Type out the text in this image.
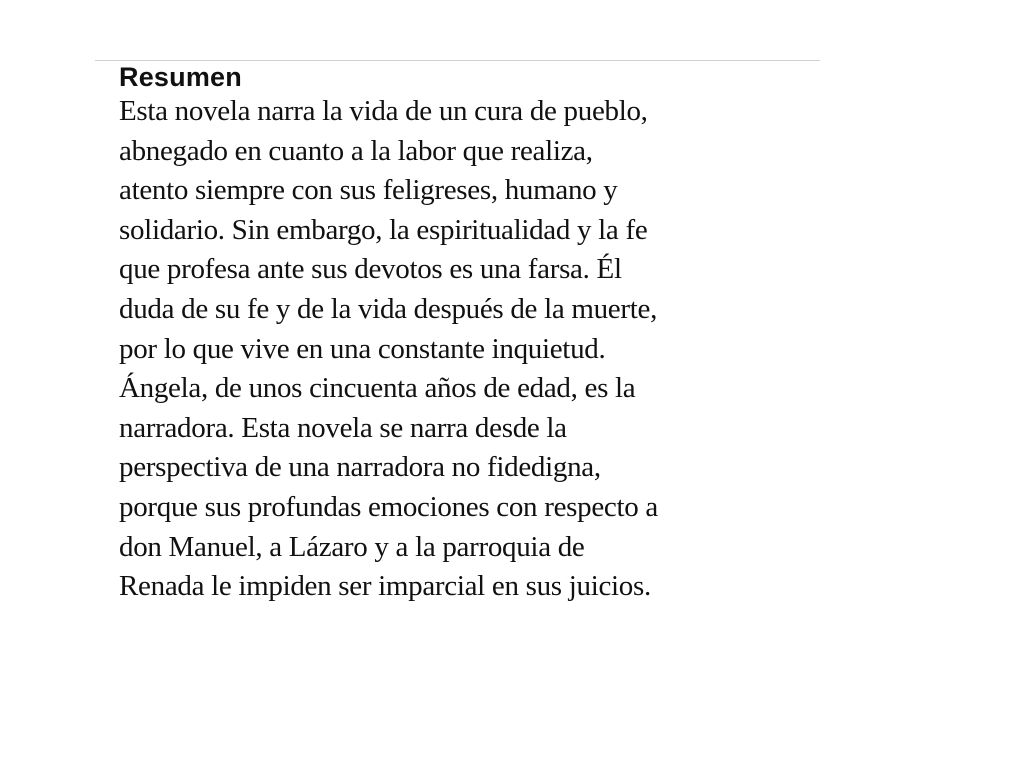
Resumen
Esta novela narra la vida de un cura de pueblo,
abnegado en cuanto a la labor que realiza,
atento siempre con sus feligreses, humano y
solidario. Sin embargo, la espiritualidad y la fe
que profesa ante sus devotos es una farsa. Él
duda de su fe y de la vida después de la muerte,
por lo que vive en una constante inquietud.
Ángela, de unos cincuenta años de edad, es la
narradora. Esta novela se narra desde la
perspectiva de una narradora no fidedigna,
porque sus profundas emociones con respecto a
don Manuel, a Lázaro y a la parroquia de
Renada le impiden ser imparcial en sus juicios.
